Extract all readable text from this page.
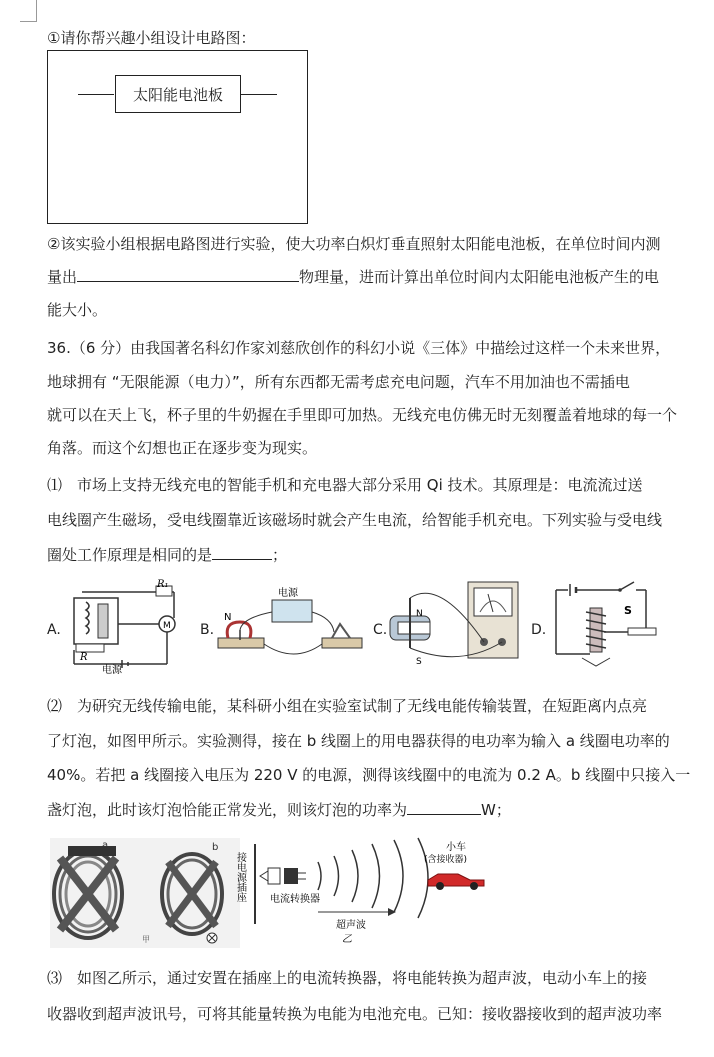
①请你帮兴趣小组设计电路图：
太阳能电池板
②该实验小组根据电路图进行实验，使大功率白炽灯垂直照射太阳能电池板，在单位时间内测
量出	物理量，进而计算出单位时间内太阳能电池板产生的电
能大小。
36.（6 分）由我国著名科幻作家刘慈欣创作的科幻小说《三体》中描绘过这样一个未来世界，
地球拥有 “无限能源（电力）”，所有东西都无需考虑充电问题，汽车不用加油也不需插电
就可以在天上飞，杯子里的牛奶握在手里即可加热。无线充电仿佛无时无刻覆盖着地球的每一个
角落。而这个幻想也正在逐步变为现实。
⑴　市场上支持无线充电的智能手机和充电器大部分采用 Qi 技术。其原理是：电流流过送
电线圈产生磁场，受电线圈靠近该磁场时就会产生电流，给智能手机充电。下列实验与受电线
圈处工作原理是相同的是	；
A.
R₁
M
R
电源
B.
电源
N
C.
N
S
D.
S
⑵　为研究无线传输电能，某科研小组在实验室试制了无线电能传输装置，在短距离内点亮
了灯泡，如图甲所示。实验测得，接在 b 线圈上的用电器获得的电功率为输入 a 线圈电功率的
40%。若把 a 线圈接入电压为 220 V 的电源，测得该线圈中的电流为 0.2 A。b 线圈中只接入一
盏灯泡，此时该灯泡恰能正常发光，则该灯泡的功率为	W；
a	b
甲
接电源插座 电流转换器
超声波
乙
小车
(含接收器)
⑶　如图乙所示，通过安置在插座上的电流转换器，将电能转换为超声波，电动小车上的接
收器收到超声波讯号，可将其能量转换为电能为电池充电。已知：接收器接收到的超声波功率
